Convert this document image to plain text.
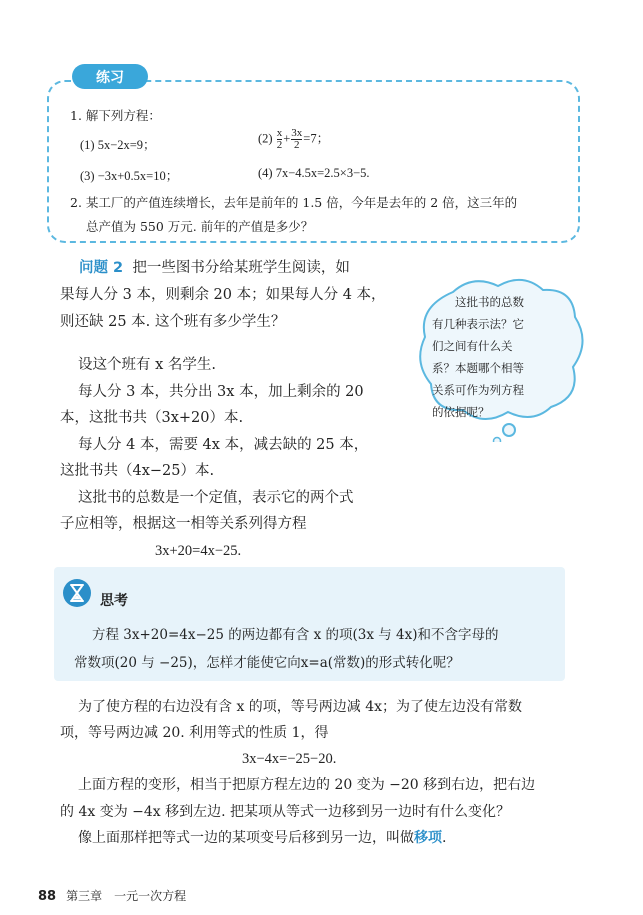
练习
1. 解下列方程：
(1) 5x−2x=9；	$(2) \frac{x}{2} + \frac{3x}{2} =7$；
(3) −3x+0.5x=10；	(4) 7x−4.5x=2.5×3−5.
2. 某工厂的产值连续增长，去年是前年的 1.5 倍，今年是去年的 2 倍，这三年的
总产值为 550 万元. 前年的产值是多少？
问题 2 把一些图书分给某班学生阅读，如
果每人分 3 本，则剩余 20 本；如果每人分 4 本，
则还缺 25 本. 这个班有多少学生？
设这个班有 x 名学生.
每人分 3 本，共分出 3x 本，加上剩余的 20
本，这批书共（3x+20）本.
每人分 4 本，需要 4x 本，减去缺的 25 本，
这批书共（4x−25）本.
这批书的总数是一个定值，表示它的两个式
子应相等，根据这一相等关系列得方程
3x+20=4x−25.
这批书的总数
有几种表示法？它
们之间有什么关
系？本题哪个相等
关系可作为列方程
的依据呢？
思考
方程 3x+20=4x−25 的两边都有含 x 的项(3x 与 4x)和不含字母的
常数项(20 与 −25)，怎样才能使它向x=a(常数)的形式转化呢？
为了使方程的右边没有含 x 的项，等号两边减 4x；为了使左边没有常数
项，等号两边减 20. 利用等式的性质 1，得
3x−4x=−25−20.
上面方程的变形，相当于把原方程左边的 20 变为 −20 移到右边，把右边
的 4x 变为 −4x 移到左边. 把某项从等式一边移到另一边时有什么变化？
像上面那样把等式一边的某项变号后移到另一边，叫做移项.
88 第三章　一元一次方程
